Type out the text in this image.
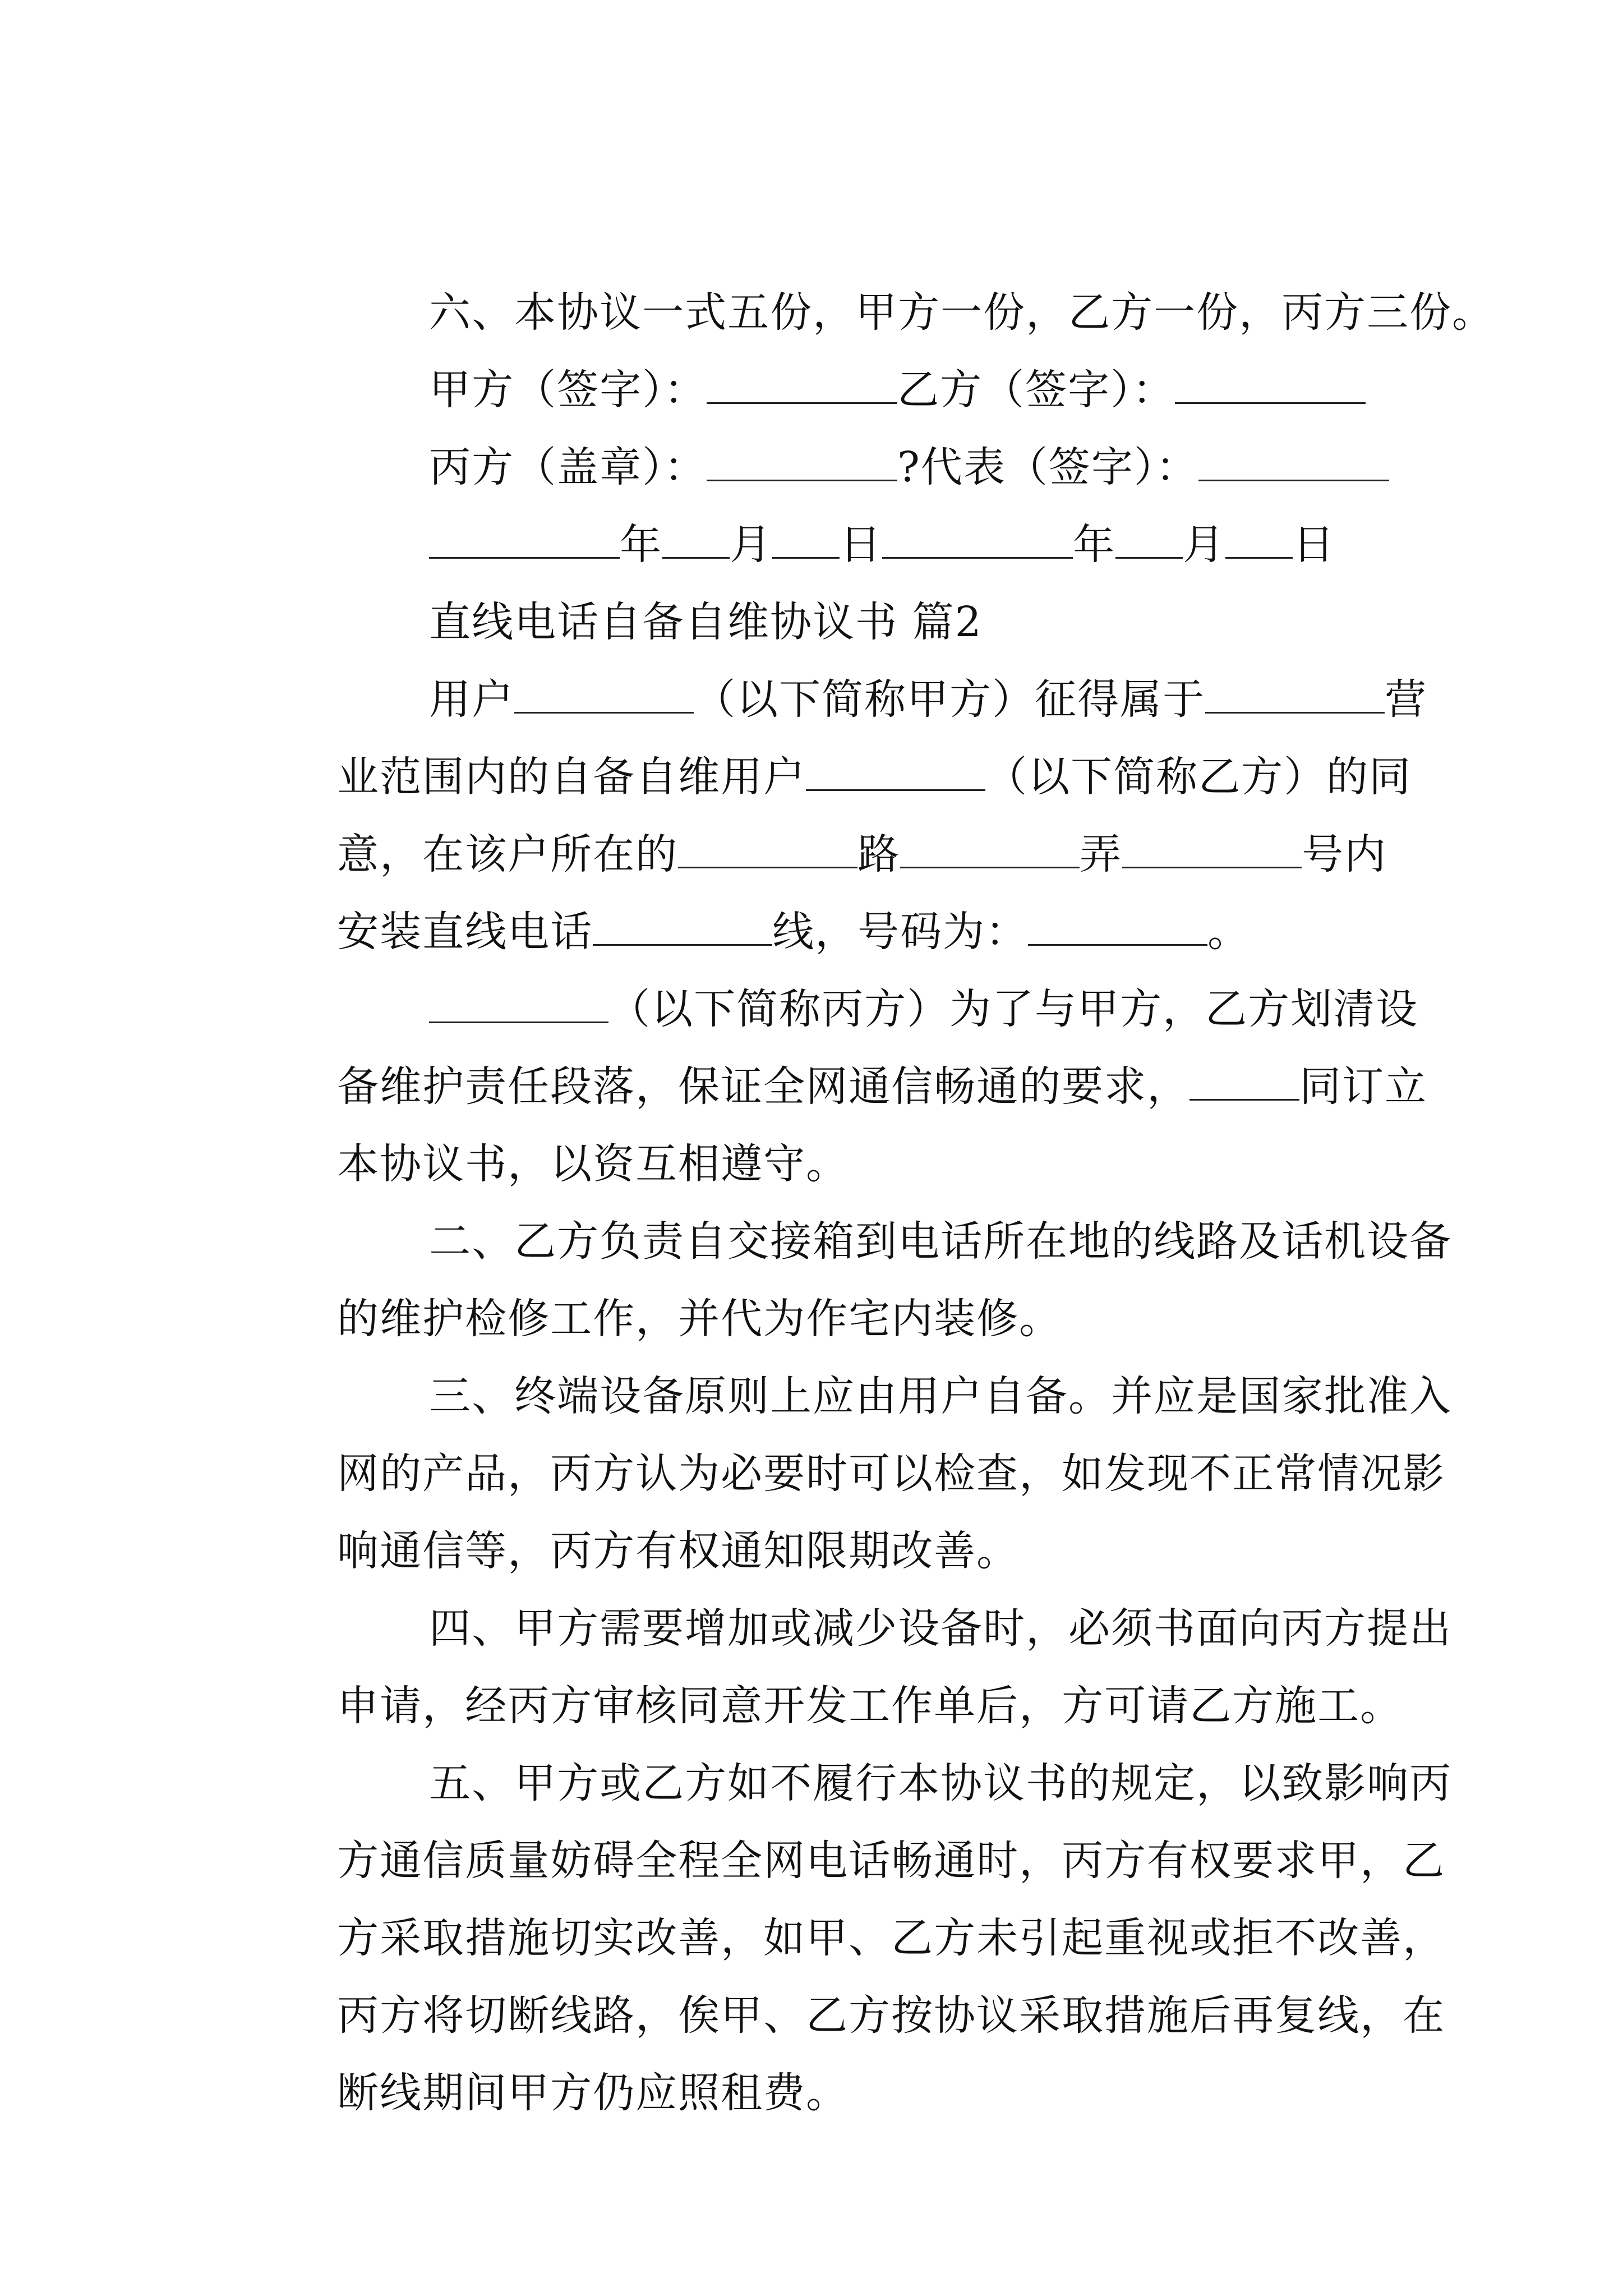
六、本协议一式五份，甲方一份，乙方一份，丙方三份。

甲方（签字）：	乙方（签字）：

丙方（盖章）：	?代表（签字）：

年 月 日	年 月 日

直线电话自备自维协议书 篇2

用户	（以下简称甲方）征得属于	营

业范围内的自备自维用户	（以下简称乙方）的同

意，在该户所在的	路	弄	号内

安装直线电话	线，号码为：	。

（以下简称丙方）为了与甲方，乙方划清设

备维护责任段落，保证全网通信畅通的要求，	同订立

本协议书，以资互相遵守。

二、乙方负责自交接箱到电话所在地的线路及话机设备

的维护检修工作，并代为作宅内装修。

三、终端设备原则上应由用户自备。并应是国家批准入

网的产品，丙方认为必要时可以检查，如发现不正常情况影

响通信等，丙方有权通知限期改善。

四、甲方需要增加或减少设备时，必须书面向丙方提出

申请，经丙方审核同意开发工作单后，方可请乙方施工。

五、甲方或乙方如不履行本协议书的规定，以致影响丙

方通信质量妨碍全程全网电话畅通时，丙方有权要求甲，乙

方采取措施切实改善，如甲、乙方未引起重视或拒不改善，

丙方将切断线路，俟甲、乙方按协议采取措施后再复线，在

断线期间甲方仍应照租费。
